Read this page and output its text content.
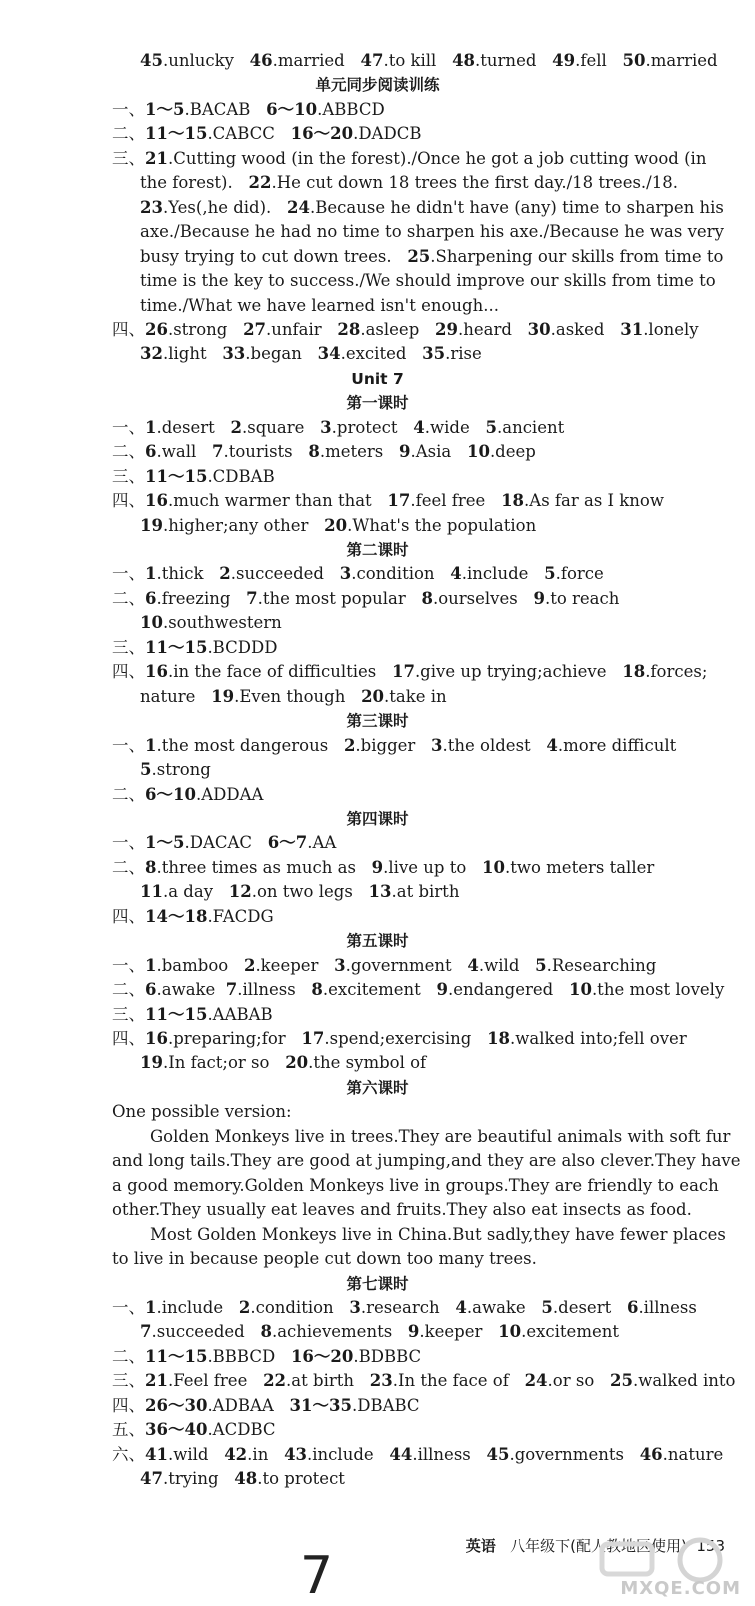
45.unlucky   46.married   47.to kill   48.turned   49.fell   50.married
单元同步阅读训练
一、1～5.BACAB   6～10.ABBCD
二、11～15.CABCC   16～20.DADCB
三、21.Cutting wood (in the forest)./Once he got a job cutting wood (in
the forest).   22.He cut down 18 trees the first day./18 trees./18.
23.Yes(,he did).   24.Because he didn't have (any) time to sharpen his
axe./Because he had no time to sharpen his axe./Because he was very
busy trying to cut down trees.   25.Sharpening our skills from time to
time is the key to success./We should improve our skills from time to
time./What we have learned isn't enough...
四、26.strong   27.unfair   28.asleep   29.heard   30.asked   31.lonely
32.light   33.began   34.excited   35.rise
Unit 7
第一课时
一、1.desert   2.square   3.protect   4.wide   5.ancient
二、6.wall   7.tourists   8.meters   9.Asia   10.deep
三、11～15.CDBAB
四、16.much warmer than that   17.feel free   18.As far as I know
19.higher;any other   20.What's the population
第二课时
一、1.thick   2.succeeded   3.condition   4.include   5.force
二、6.freezing   7.the most popular   8.ourselves   9.to reach
10.southwestern
三、11～15.BCDDD
四、16.in the face of difficulties   17.give up trying;achieve   18.forces;
nature   19.Even though   20.take in
第三课时
一、1.the most dangerous   2.bigger   3.the oldest   4.more difficult
5.strong
二、6～10.ADDAA
第四课时
一、1～5.DACAC   6～7.AA
二、8.three times as much as   9.live up to   10.two meters taller
11.a day   12.on two legs   13.at birth
四、14～18.FACDG
第五课时
一、1.bamboo   2.keeper   3.government   4.wild   5.Researching
二、6.awake  7.illness   8.excitement   9.endangered   10.the most lovely
三、11～15.AABAB
四、16.preparing;for   17.spend;exercising   18.walked into;fell over
19.In fact;or so   20.the symbol of
第六课时
One possible version:
Golden Monkeys live in trees.They are beautiful animals with soft fur
and long tails.They are good at jumping,and they are also clever.They have
a good memory.Golden Monkeys live in groups.They are friendly to each
other.They usually eat leaves and fruits.They also eat insects as food.
Most Golden Monkeys live in China.But sadly,they have fewer places
to live in because people cut down too many trees.
第七课时
一、1.include   2.condition   3.research   4.awake   5.desert   6.illness
7.succeeded   8.achievements   9.keeper   10.excitement
二、11～15.BBBCD   16～20.BDBBC
三、21.Feel free   22.at birth   23.In the face of   24.or so   25.walked into
四、26～30.ADBAA   31～35.DBABC
五、36～40.ACDBC
六、41.wild   42.in   43.include   44.illness   45.governments   46.nature
47.trying   48.to protect
英语 八年级下(配人教地区使用) 153
7	MXQE.COM
